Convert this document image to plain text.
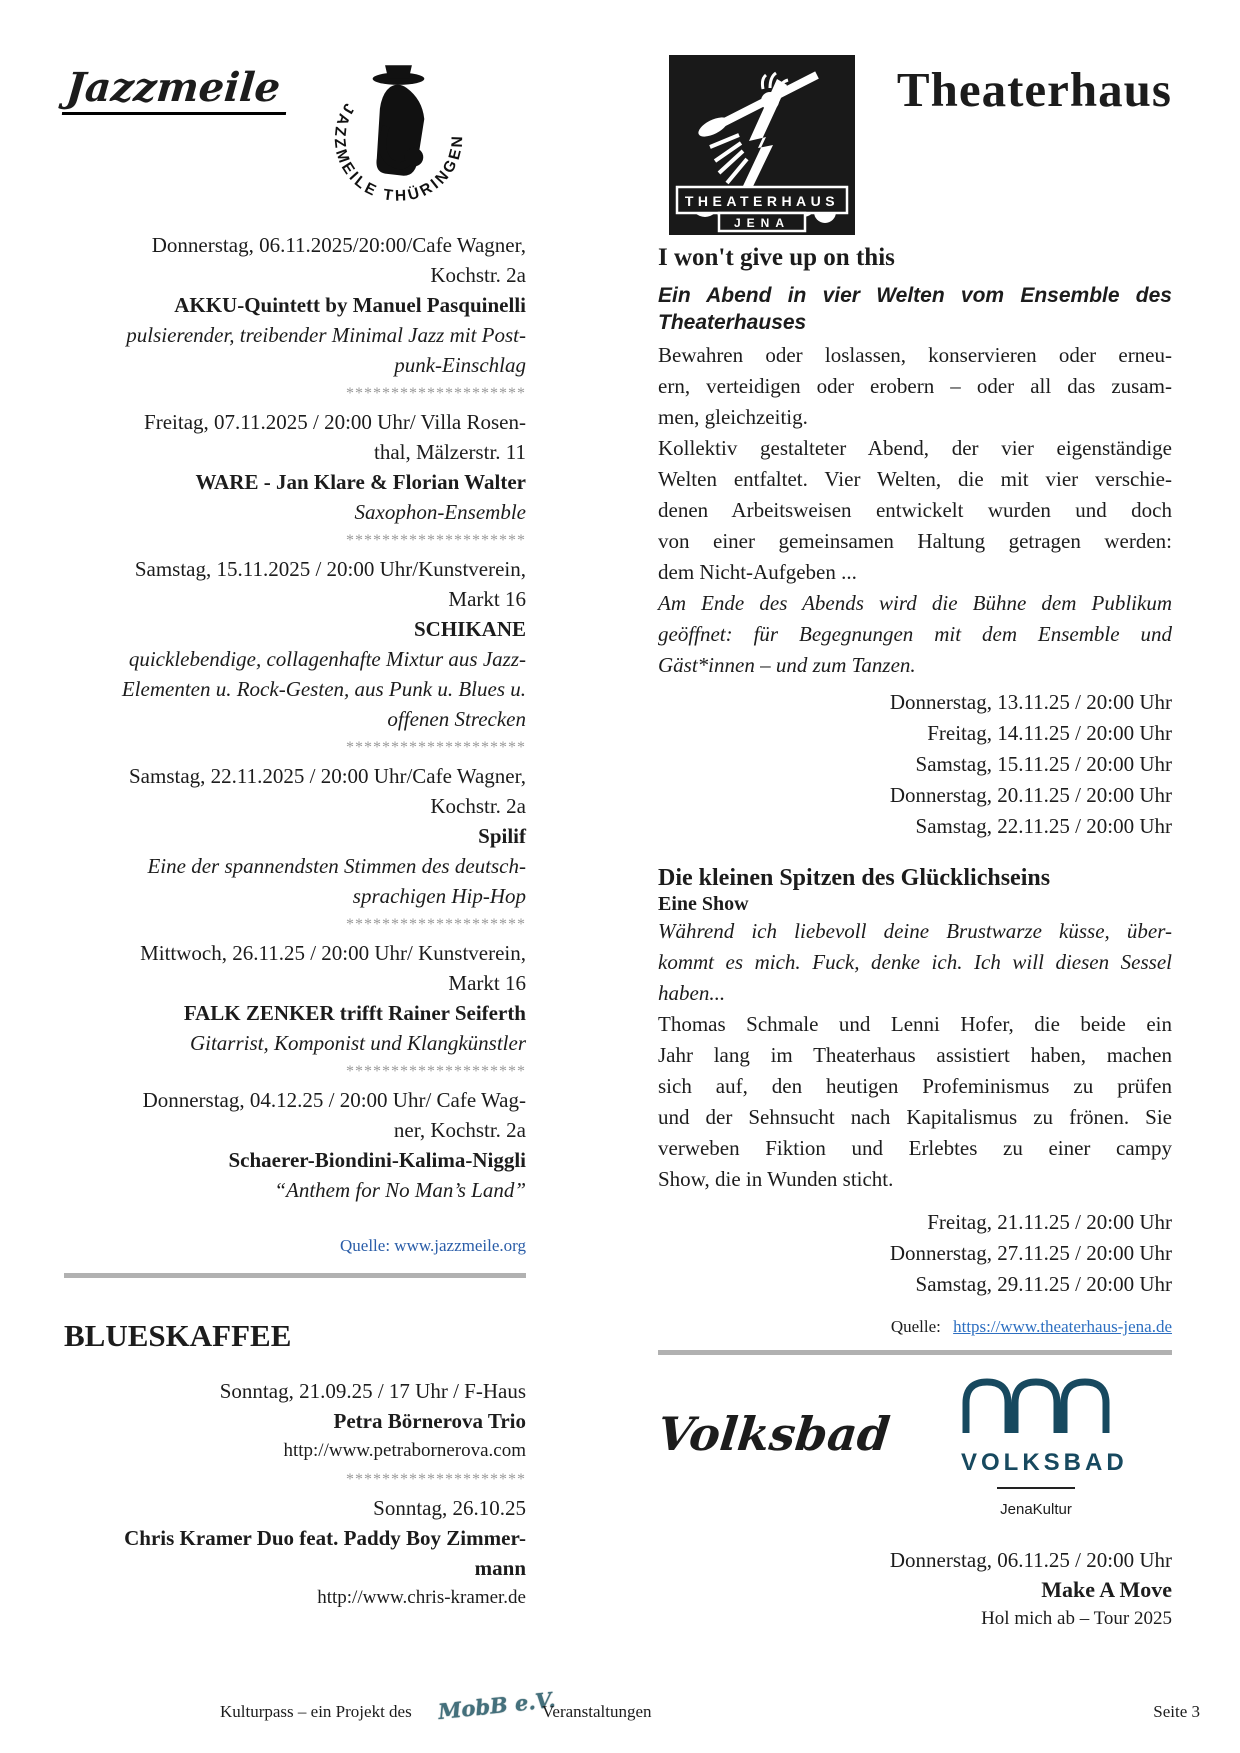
Jazzmeile	JAZZMEILE THÜRINGEN
Donnerstag, 06.11.2025/20:00/Cafe Wagner,
Kochstr. 2a
AKKU-Quintett by Manuel Pasquinelli
pulsierender, treibender Minimal Jazz mit Post-
punk-Einschlag
********************
Freitag, 07.11.2025 / 20:00 Uhr/ Villa Rosen-
thal, Mälzerstr. 11
WARE - Jan Klare & Florian Walter
Saxophon-Ensemble
********************
Samstag, 15.11.2025 / 20:00 Uhr/Kunstverein,
Markt 16
SCHIKANE
quicklebendige, collagenhafte Mixtur aus Jazz-
Elementen u. Rock-Gesten, aus Punk u. Blues u.
offenen Strecken
********************
Samstag, 22.11.2025 / 20:00 Uhr/Cafe Wagner,
Kochstr. 2a
Spilif
Eine der spannendsten Stimmen des deutsch-
sprachigen Hip-Hop
********************
Mittwoch, 26.11.25 / 20:00 Uhr/ Kunstverein,
Markt 16
FALK ZENKER trifft Rainer Seiferth
Gitarrist, Komponist und Klangkünstler
********************
Donnerstag, 04.12.25 / 20:00 Uhr/ Cafe Wag-
ner, Kochstr. 2a
Schaerer-Biondini-Kalima-Niggli
“Anthem for No Man’s Land”
Quelle: www.jazzmeile.org
BLUESKAFFEE
Sonntag, 21.09.25 / 17 Uhr / F-Haus
Petra Börnerova Trio
http://www.petrabornerova.com
********************
Sonntag, 26.10.25
Chris Kramer Duo feat. Paddy Boy Zimmer-
mann
http://www.chris-kramer.de
THEATERHAUS
JENA
Theaterhaus
I won't give up on this
Ein Abend in vier Welten vom Ensemble des
Theaterhauses
Bewahren oder loslassen, konservieren oder erneu-
ern, verteidigen oder erobern – oder all das zusam-
men, gleichzeitig.
Kollektiv gestalteter Abend, der vier eigenständige
Welten entfaltet. Vier Welten, die mit vier verschie-
denen Arbeitsweisen entwickelt wurden und doch
von einer gemeinsamen Haltung getragen werden:
dem Nicht-Aufgeben ...
Am Ende des Abends wird die Bühne dem Publikum
geöffnet: für Begegnungen mit dem Ensemble und
Gäst*innen – und zum Tanzen.
Donnerstag, 13.11.25 / 20:00 Uhr
Freitag, 14.11.25 / 20:00 Uhr
Samstag, 15.11.25 / 20:00 Uhr
Donnerstag, 20.11.25 / 20:00 Uhr
Samstag, 22.11.25 / 20:00 Uhr
Die kleinen Spitzen des Glücklichseins
Eine Show
Während ich liebevoll deine Brustwarze küsse, über-
kommt es mich. Fuck, denke ich. Ich will diesen Sessel
haben...
Thomas Schmale und Lenni Hofer, die beide ein
Jahr lang im Theaterhaus assistiert haben, machen
sich auf, den heutigen Profeminismus zu prüfen
und der Sehnsucht nach Kapitalismus zu frönen. Sie
verweben Fiktion und Erlebtes zu einer campy
Show, die in Wunden sticht.
Freitag, 21.11.25 / 20:00 Uhr
Donnerstag, 27.11.25 / 20:00 Uhr
Samstag, 29.11.25 / 20:00 Uhr
Quelle: https://www.theaterhaus-jena.de
Volksbad
VOLKSBAD
JenaKultur
Donnerstag, 06.11.25 / 20:00 Uhr
Make A Move
Hol mich ab – Tour 2025
Kulturpass – ein Projekt des MobB e.V.
Veranstaltungen	Seite 3
